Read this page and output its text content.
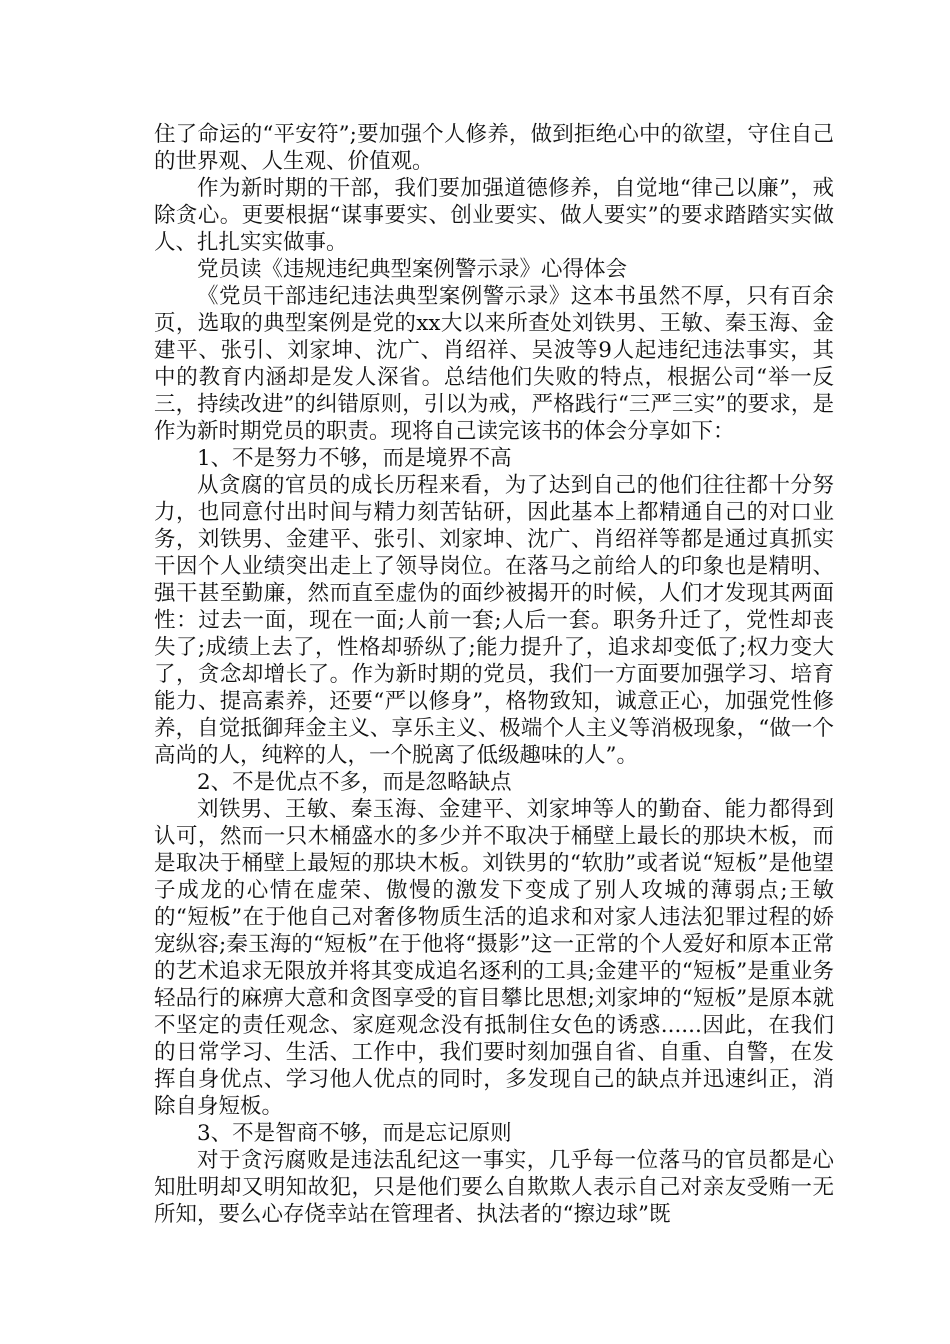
住了命运的“平安符”;要加强个人修养，做到拒绝心中的欲望，守住自己的世界观、人生观、价值观。

作为新时期的干部，我们要加强道德修养，自觉地“律己以廉”，戒除贪心。更要根据“谋事要实、创业要实、做人要实”的要求踏踏实实做人、扎扎实实做事。

党员读《违规违纪典型案例警示录》心得体会

《党员干部违纪违法典型案例警示录》这本书虽然不厚，只有百余页，选取的典型案例是党的xx大以来所查处刘铁男、王敏、秦玉海、金建平、张引、刘家坤、沈广、肖绍祥、吴波等9人起违纪违法事实，其中的教育内涵却是发人深省。总结他们失败的特点，根据公司“举一反三，持续改进”的纠错原则，引以为戒，严格践行“三严三实”的要求，是作为新时期党员的职责。现将自己读完该书的体会分享如下：

1、不是努力不够，而是境界不高

从贪腐的官员的成长历程来看，为了达到自己的他们往往都十分努力，也同意付出时间与精力刻苦钻研，因此基本上都精通自己的对口业务，刘铁男、金建平、张引、刘家坤、沈广、肖绍祥等都是通过真抓实干因个人业绩突出走上了领导岗位。在落马之前给人的印象也是精明、强干甚至勤廉，然而直至虚伪的面纱被揭开的时候，人们才发现其两面性：过去一面，现在一面;人前一套;人后一套。职务升迁了，党性却丧失了;成绩上去了，性格却骄纵了;能力提升了，追求却变低了;权力变大了，贪念却增长了。作为新时期的党员，我们一方面要加强学习、培育能力、提高素养，还要“严以修身”，格物致知，诚意正心，加强党性修养，自觉抵御拜金主义、享乐主义、极端个人主义等消极现象，“做一个高尚的人，纯粹的人，一个脱离了低级趣味的人”。

2、不是优点不多，而是忽略缺点

刘铁男、王敏、秦玉海、金建平、刘家坤等人的勤奋、能力都得到认可，然而一只木桶盛水的多少并不取决于桶壁上最长的那块木板，而是取决于桶壁上最短的那块木板。刘铁男的“软肋”或者说“短板”是他望子成龙的心情在虚荣、傲慢的激发下变成了别人攻城的薄弱点;王敏的“短板”在于他自己对奢侈物质生活的追求和对家人违法犯罪过程的娇宠纵容;秦玉海的“短板”在于他将“摄影”这一正常的个人爱好和原本正常的艺术追求无限放并将其变成追名逐利的工具;金建平的“短板”是重业务轻品行的麻痹大意和贪图享受的盲目攀比思想;刘家坤的“短板”是原本就不坚定的责任观念、家庭观念没有抵制住女色的诱惑......因此，在我们的日常学习、生活、工作中，我们要时刻加强自省、自重、自警，在发挥自身优点、学习他人优点的同时，多发现自己的缺点并迅速纠正，消除自身短板。

3、不是智商不够，而是忘记原则

对于贪污腐败是违法乱纪这一事实，几乎每一位落马的官员都是心知肚明却又明知故犯，只是他们要么自欺欺人表示自己对亲友受贿一无所知，要么心存侥幸站在管理者、执法者的“擦边球”既
